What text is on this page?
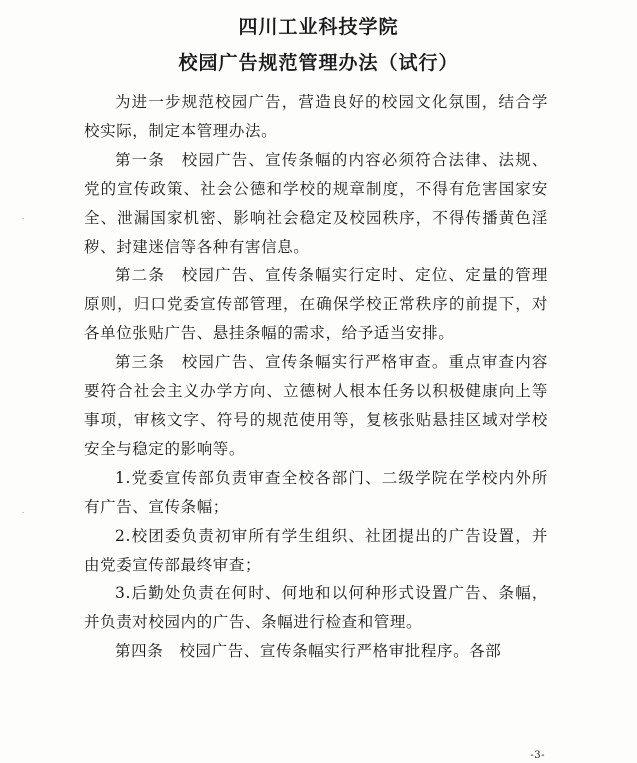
四川工业科技学院
校园广告规范管理办法（试行）

为进一步规范校园广告，营造良好的校园文化氛围，结合学校实际，制定本管理办法。

第一条　校园广告、宣传条幅的内容必须符合法律、法规、党的宣传政策、社会公德和学校的规章制度，不得有危害国家安全、泄漏国家机密、影响社会稳定及校园秩序，不得传播黄色淫秽、封建迷信等各种有害信息。

第二条　校园广告、宣传条幅实行定时、定位、定量的管理原则，归口党委宣传部管理，在确保学校正常秩序的前提下，对各单位张贴广告、悬挂条幅的需求，给予适当安排。

第三条　校园广告、宣传条幅实行严格审查。重点审查内容要符合社会主义办学方向、立德树人根本任务以积极健康向上等事项，审核文字、符号的规范使用等，复核张贴悬挂区域对学校安全与稳定的影响等。

1.党委宣传部负责审查全校各部门、二级学院在学校内外所有广告、宣传条幅；

2.校团委负责初审所有学生组织、社团提出的广告设置，并由党委宣传部最终审查；

3.后勤处负责在何时、何地和以何种形式设置广告、条幅，并负责对校园内的广告、条幅进行检查和管理。

第四条　校园广告、宣传条幅实行严格审批程序。各部

-3-
